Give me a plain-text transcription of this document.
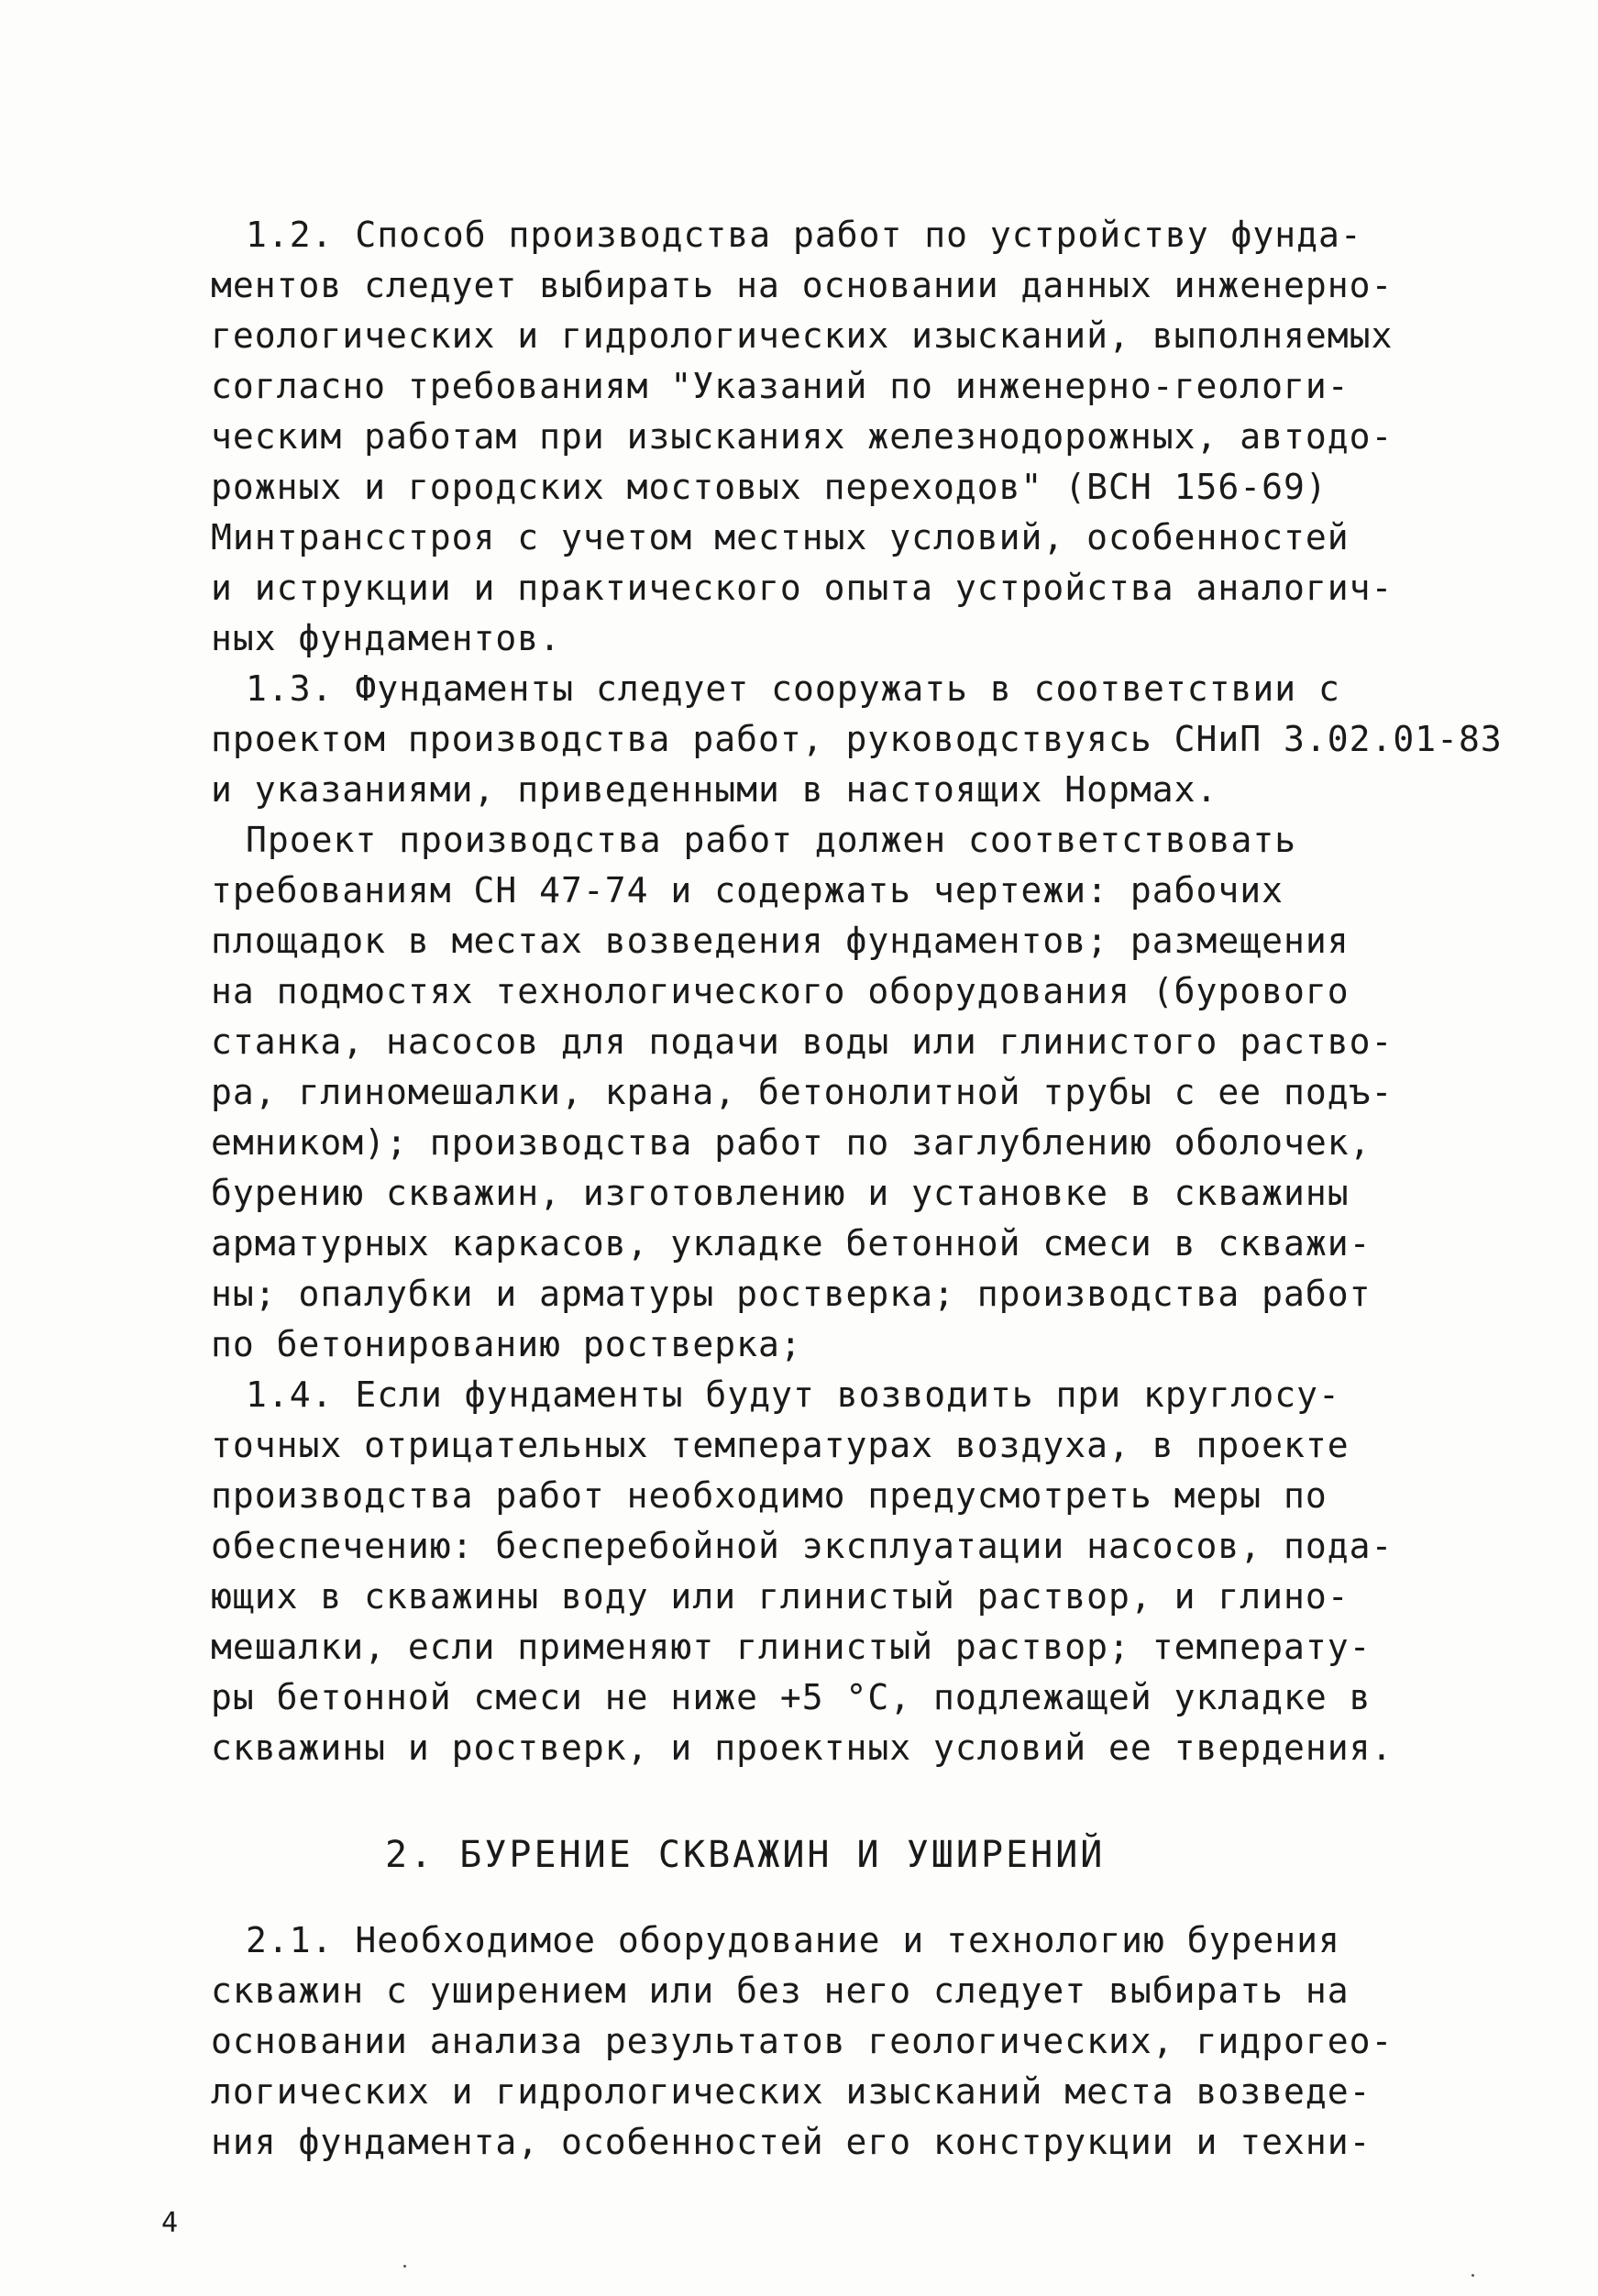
1.2. Способ производства работ по устройству фунда-
ментов следует выбирать на основании данных инженерно-
геологических и гидрологических изысканий, выполняемых
согласно требованиям "Указаний по инженерно-геологи-
ческим работам при изысканиях железнодорожных, автодо-
рожных и городских мостовых переходов" (ВСН 156-69)
Минтрансстроя с учетом местных условий, особенностей
и иструкции и практического опыта устройства аналогич-
ных фундаментов.
1.3. Фундаменты следует сооружать в соответствии с
проектом производства работ, руководствуясь СНиП 3.02.01-83
и указаниями, приведенными в настоящих Нормах.
Проект производства работ должен соответствовать
требованиям СН 47-74 и содержать чертежи: рабочих
площадок в местах возведения фундаментов; размещения
на подмостях технологического оборудования (бурового
станка, насосов для подачи воды или глинистого раство-
ра, глиномешалки, крана, бетонолитной трубы с ее подъ-
емником); производства работ по заглублению оболочек,
бурению скважин, изготовлению и установке в скважины
арматурных каркасов, укладке бетонной смеси в скважи-
ны; опалубки и арматуры ростверка; производства работ
по бетонированию ростверка;
1.4. Если фундаменты будут возводить при круглосу-
точных отрицательных температурах воздуха, в проекте
производства работ необходимо предусмотреть меры по
обеспечению: бесперебойной эксплуатации насосов, пода-
ющих в скважины воду или глинистый раствор, и глино-
мешалки, если применяют глинистый раствор; температу-
ры бетонной смеси не ниже +5 °С, подлежащей укладке в
скважины и ростверк, и проектных условий ее твердения.
2. БУРЕНИЕ СКВАЖИН И УШИРЕНИЙ
2.1. Необходимое оборудование и технологию бурения
скважин с уширением или без него следует выбирать на
основании анализа результатов геологических, гидрогео-
логических и гидрологических изысканий места возведе-
ния фундамента, особенностей его конструкции и техни-
4
